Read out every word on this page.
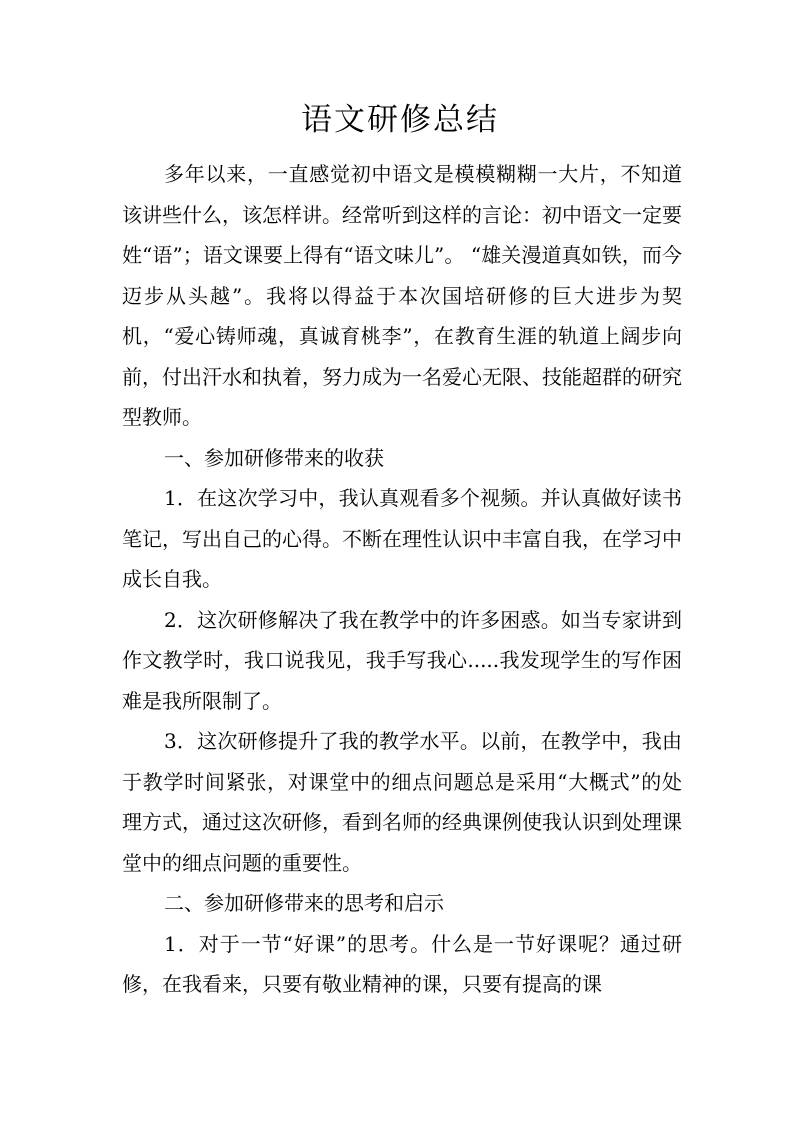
语文研修总结

多年以来，一直感觉初中语文是模模糊糊一大片，不知道该讲些什么，该怎样讲。经常听到这样的言论：初中语文一定要姓“语”；语文课要上得有“语文味儿”。 “雄关漫道真如铁，而今迈步从头越”。我将以得益于本次国培研修的巨大进步为契机，“爱心铸师魂，真诚育桃李”，在教育生涯的轨道上阔步向前，付出汗水和执着，努力成为一名爱心无限、技能超群的研究型教师。

一、参加研修带来的收获

1．在这次学习中，我认真观看多个视频。并认真做好读书笔记，写出自己的心得。不断在理性认识中丰富自我，在学习中成长自我。

2．这次研修解决了我在教学中的许多困惑。如当专家讲到作文教学时，我口说我见，我手写我心.....我发现学生的写作困难是我所限制了。

3．这次研修提升了我的教学水平。以前，在教学中，我由于教学时间紧张，对课堂中的细点问题总是采用“大概式”的处理方式，通过这次研修，看到名师的经典课例使我认识到处理课堂中的细点问题的重要性。

二、参加研修带来的思考和启示

1．对于一节“好课”的思考。什么是一节好课呢？通过研修，在我看来，只要有敬业精神的课，只要有提高的课
